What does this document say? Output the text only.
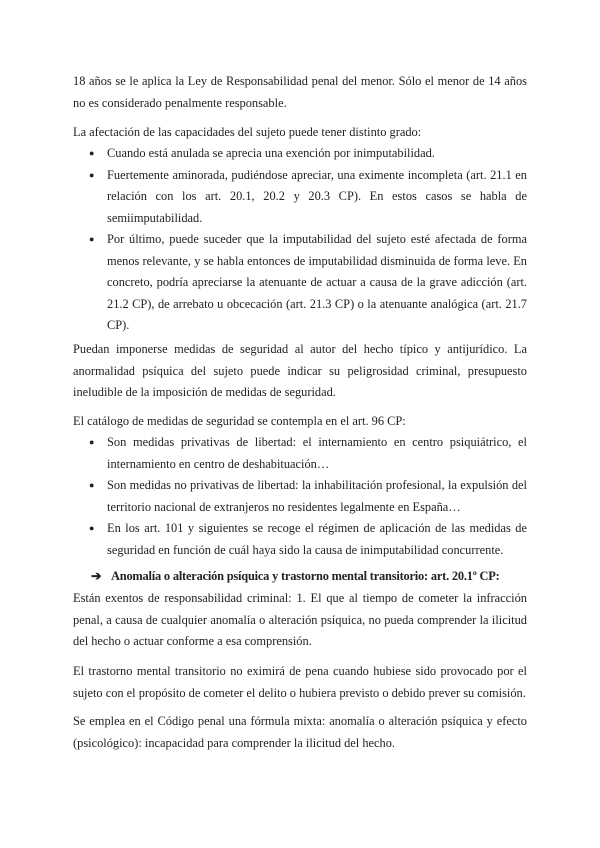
18 años se le aplica la Ley de Responsabilidad penal del menor. Sólo el menor de 14 años no es considerado penalmente responsable.

La afectación de las capacidades del sujeto puede tener distinto grado:

● Cuando está anulada se aprecia una exención por inimputabilidad.
● Fuertemente aminorada, pudiéndose apreciar, una eximente incompleta (art. 21.1 en relación con los art. 20.1, 20.2 y 20.3 CP). En estos casos se habla de semiimputabilidad.
● Por último, puede suceder que la imputabilidad del sujeto esté afectada de forma menos relevante, y se habla entonces de imputabilidad disminuida de forma leve. En concreto, podría apreciarse la atenuante de actuar a causa de la grave adicción (art. 21.2 CP), de arrebato u obcecación (art. 21.3 CP) o la atenuante analógica (art. 21.7 CP).

Puedan imponerse medidas de seguridad al autor del hecho típico y antijurídico. La anormalidad psíquica del sujeto puede indicar su peligrosidad criminal, presupuesto ineludible de la imposición de medidas de seguridad.

El catálogo de medidas de seguridad se contempla en el art. 96 CP:

● Son medidas privativas de libertad: el internamiento en centro psiquiátrico, el internamiento en centro de deshabituación…
● Son medidas no privativas de libertad: la inhabilitación profesional, la expulsión del territorio nacional de extranjeros no residentes legalmente en España…
● En los art. 101 y siguientes se recoge el régimen de aplicación de las medidas de seguridad en función de cuál haya sido la causa de inimputabilidad concurrente.

➔ Anomalía o alteración psíquica y trastorno mental transitorio: art. 20.1º CP:

Están exentos de responsabilidad criminal: 1. El que al tiempo de cometer la infracción penal, a causa de cualquier anomalía o alteración psíquica, no pueda comprender la ilicitud del hecho o actuar conforme a esa comprensión.

El trastorno mental transitorio no eximirá de pena cuando hubiese sido provocado por el sujeto con el propósito de cometer el delito o hubiera previsto o debido prever su comisión.

Se emplea en el Código penal una fórmula mixta: anomalía o alteración psíquica y efecto (psicológico): incapacidad para comprender la ilicitud del hecho.
